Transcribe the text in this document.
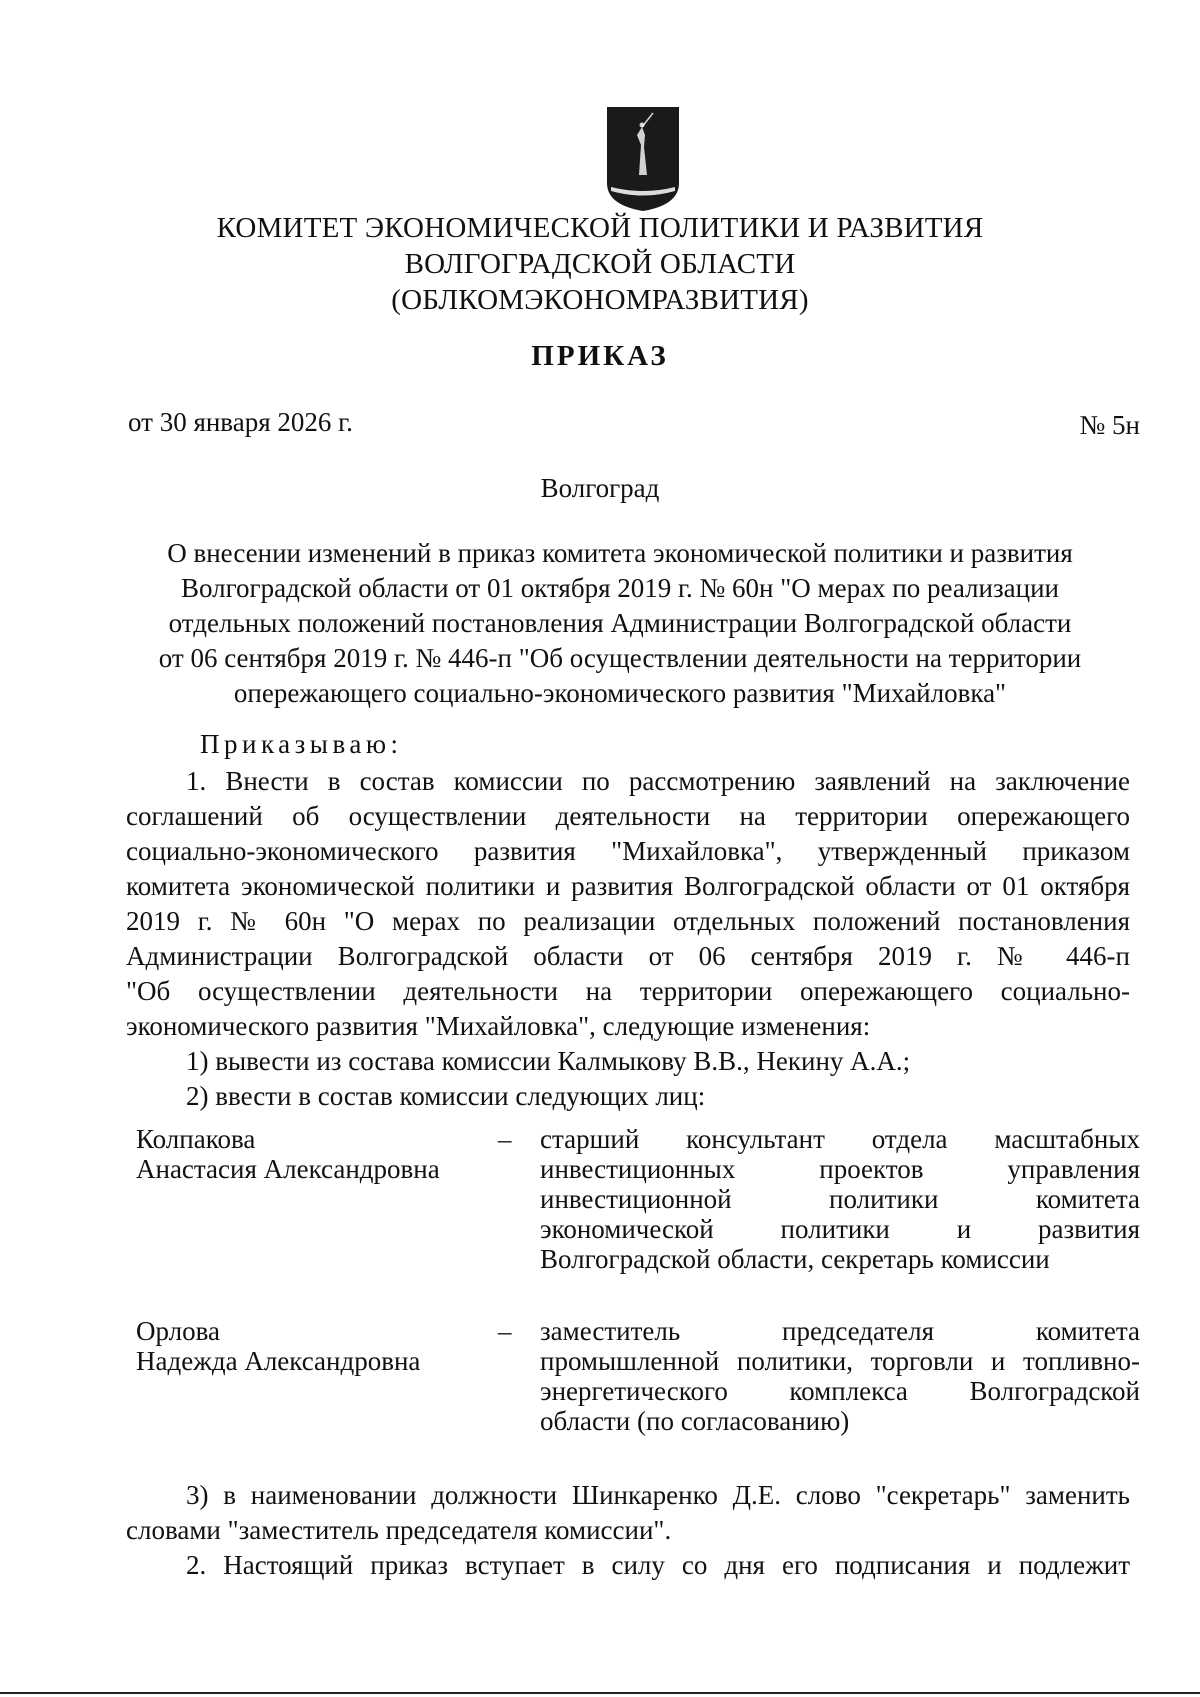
КОМИТЕТ ЭКОНОМИЧЕСКОЙ ПОЛИТИКИ И РАЗВИТИЯ
ВОЛГОГРАДСКОЙ ОБЛАСТИ
(ОБЛКОМЭКОНОМРАЗВИТИЯ)
ПРИКАЗ
от 30 января 2026 г.	№ 5н
Волгоград
О внесении изменений в приказ комитета экономической политики и развития
Волгоградской области от 01 октября 2019 г. № 60н "О мерах по реализации
отдельных положений постановления Администрации Волгоградской области
от 06 сентября 2019 г. № 446-п "Об осуществлении деятельности на территории
опережающего социально-экономического развития "Михайловка"
Приказываю:
1. Внести в состав комиссии по рассмотрению заявлений на заключение
соглашений об осуществлении деятельности на территории опережающего
социально-экономического развития "Михайловка", утвержденный приказом
комитета экономической политики и развития Волгоградской области от 01 октября
2019 г. № 60н "О мерах по реализации отдельных положений постановления
Администрации Волгоградской области от 06 сентября 2019 г. № 446-п
"Об осуществлении деятельности на территории опережающего социально-
экономического развития "Михайловка", следующие изменения:
1) вывести из состава комиссии Калмыкову В.В., Некину А.А.;
2) ввести в состав комиссии следующих лиц:
Колпакова
Анастасия Александровна
– старший консультант отдела масштабных
инвестиционных проектов управления
инвестиционной политики комитета
экономической политики и развития
Волгоградской области, секретарь комиссии
Орлова
Надежда Александровна
– заместитель председателя комитета
промышленной политики, торговли и топливно-
энергетического комплекса Волгоградской
области (по согласованию)
3) в наименовании должности Шинкаренко Д.Е. слово "секретарь" заменить
словами "заместитель председателя комиссии".
2. Настоящий приказ вступает в силу со дня его подписания и подлежит
